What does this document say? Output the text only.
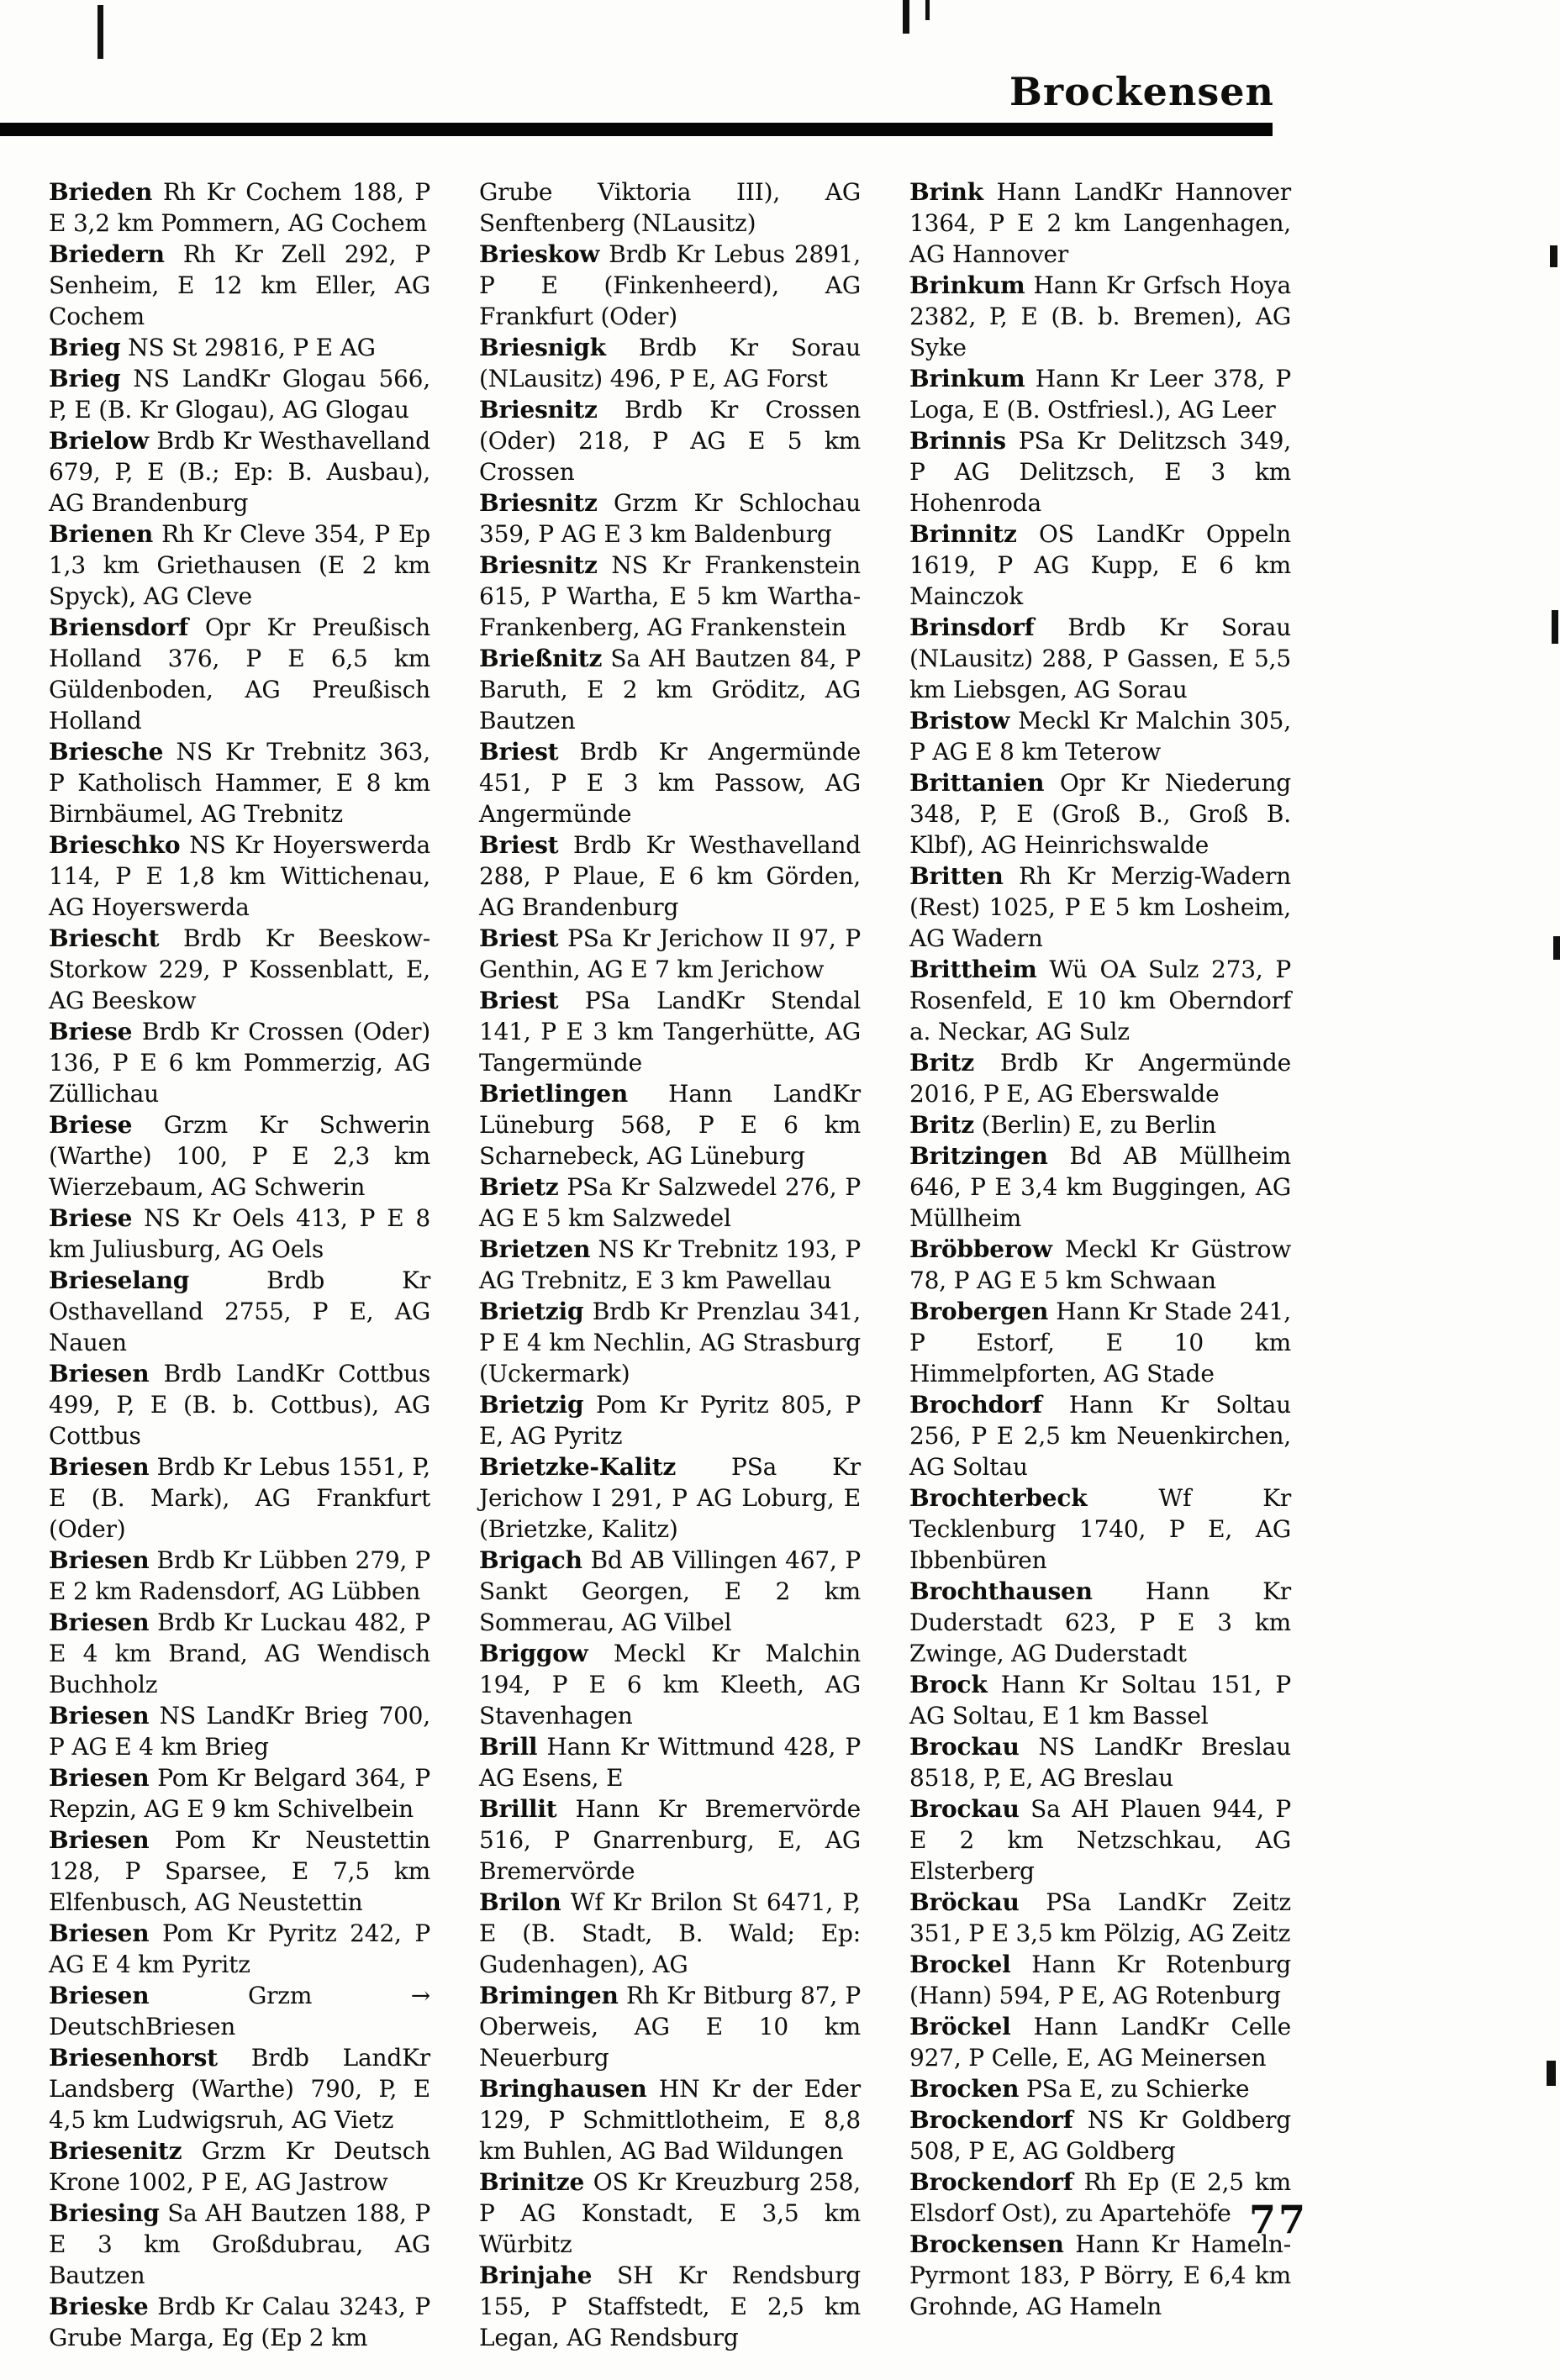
Brockensen

Brieden Rh Kr Cochem 188, P E 3,2 km Pommern, AG Cochem

Briedern Rh Kr Zell 292, P Senheim, E 12 km Eller, AG Cochem

Brieg NS St 29816, P E AG

Brieg NS LandKr Glogau 566, P, E (B. Kr Glogau), AG Glogau

Brielow Brdb Kr Westhavelland 679, P, E (B.; Ep: B. Ausbau), AG Brandenburg

Brienen Rh Kr Cleve 354, P Ep 1,3 km Griethausen (E 2 km Spyck), AG Cleve

Briensdorf Opr Kr Preußisch Holland 376, P E 6,5 km Güldenboden, AG Preußisch Holland

Briesche NS Kr Trebnitz 363, P Katholisch Hammer, E 8 km Birnbäumel, AG Trebnitz

Brieschko NS Kr Hoyerswerda 114, P E 1,8 km Wittichenau, AG Hoyerswerda

Briescht Brdb Kr Beeskow-Storkow 229, P Kossenblatt, E, AG Beeskow

Briese Brdb Kr Crossen (Oder) 136, P E 6 km Pommerzig, AG Züllichau

Briese Grzm Kr Schwerin (Warthe) 100, P E 2,3 km Wierzebaum, AG Schwerin

Briese NS Kr Oels 413, P E 8 km Juliusburg, AG Oels

Brieselang Brdb Kr Osthavelland 2755, P E, AG Nauen

Briesen Brdb LandKr Cottbus 499, P, E (B. b. Cottbus), AG Cottbus

Briesen Brdb Kr Lebus 1551, P, E (B. Mark), AG Frankfurt (Oder)

Briesen Brdb Kr Lübben 279, P E 2 km Radensdorf, AG Lübben

Briesen Brdb Kr Luckau 482, P E 4 km Brand, AG Wendisch Buchholz

Briesen NS LandKr Brieg 700, P AG E 4 km Brieg

Briesen Pom Kr Belgard 364, P Repzin, AG E 9 km Schivelbein

Briesen Pom Kr Neustettin 128, P Sparsee, E 7,5 km Elfenbusch, AG Neustettin

Briesen Pom Kr Pyritz 242, P AG E 4 km Pyritz

Briesen Grzm → DeutschBriesen

Briesenhorst Brdb LandKr Landsberg (Warthe) 790, P, E 4,5 km Ludwigsruh, AG Vietz

Briesenitz Grzm Kr Deutsch Krone 1002, P E, AG Jastrow

Briesing Sa AH Bautzen 188, P E 3 km Großdubrau, AG Bautzen

Brieske Brdb Kr Calau 3243, P Grube Marga, Eg (Ep 2 km

Grube Viktoria III), AG Senftenberg (NLausitz)

Brieskow Brdb Kr Lebus 2891, P E (Finkenheerd), AG Frankfurt (Oder)

Briesnigk Brdb Kr Sorau (NLausitz) 496, P E, AG Forst

Briesnitz Brdb Kr Crossen (Oder) 218, P AG E 5 km Crossen

Briesnitz Grzm Kr Schlochau 359, P AG E 3 km Baldenburg

Briesnitz NS Kr Frankenstein 615, P Wartha, E 5 km Wartha-Frankenberg, AG Frankenstein

Brießnitz Sa AH Bautzen 84, P Baruth, E 2 km Gröditz, AG Bautzen

Briest Brdb Kr Angermünde 451, P E 3 km Passow, AG Angermünde

Briest Brdb Kr Westhavelland 288, P Plaue, E 6 km Görden, AG Brandenburg

Briest PSa Kr Jerichow II 97, P Genthin, AG E 7 km Jerichow

Briest PSa LandKr Stendal 141, P E 3 km Tangerhütte, AG Tangermünde

Brietlingen Hann LandKr Lüneburg 568, P E 6 km Scharnebeck, AG Lüneburg

Brietz PSa Kr Salzwedel 276, P AG E 5 km Salzwedel

Brietzen NS Kr Trebnitz 193, P AG Trebnitz, E 3 km Pawellau

Brietzig Brdb Kr Prenzlau 341, P E 4 km Nechlin, AG Strasburg (Uckermark)

Brietzig Pom Kr Pyritz 805, P E, AG Pyritz

Brietzke-Kalitz PSa Kr Jerichow I 291, P AG Loburg, E (Brietzke, Kalitz)

Brigach Bd AB Villingen 467, P Sankt Georgen, E 2 km Sommerau, AG Vilbel

Briggow Meckl Kr Malchin 194, P E 6 km Kleeth, AG Stavenhagen

Brill Hann Kr Wittmund 428, P AG Esens, E

Brillit Hann Kr Bremervörde 516, P Gnarrenburg, E, AG Bremervörde

Brilon Wf Kr Brilon St 6471, P, E (B. Stadt, B. Wald; Ep: Gudenhagen), AG

Brimingen Rh Kr Bitburg 87, P Oberweis, AG E 10 km Neuerburg

Bringhausen HN Kr der Eder 129, P Schmittlotheim, E 8,8 km Buhlen, AG Bad Wildungen

Brinitze OS Kr Kreuzburg 258, P AG Konstadt, E 3,5 km Würbitz

Brinjahe SH Kr Rendsburg 155, P Staffstedt, E 2,5 km Legan, AG Rendsburg

Brink Hann LandKr Hannover 1364, P E 2 km Langenhagen, AG Hannover

Brinkum Hann Kr Grfsch Hoya 2382, P, E (B. b. Bremen), AG Syke

Brinkum Hann Kr Leer 378, P Loga, E (B. Ostfriesl.), AG Leer

Brinnis PSa Kr Delitzsch 349, P AG Delitzsch, E 3 km Hohenroda

Brinnitz OS LandKr Oppeln 1619, P AG Kupp, E 6 km Mainczok

Brinsdorf Brdb Kr Sorau (NLausitz) 288, P Gassen, E 5,5 km Liebsgen, AG Sorau

Bristow Meckl Kr Malchin 305, P AG E 8 km Teterow

Brittanien Opr Kr Niederung 348, P, E (Groß B., Groß B. Klbf), AG Heinrichswalde

Britten Rh Kr Merzig-Wadern (Rest) 1025, P E 5 km Losheim, AG Wadern

Brittheim Wü OA Sulz 273, P Rosenfeld, E 10 km Oberndorf a. Neckar, AG Sulz

Britz Brdb Kr Angermünde 2016, P E, AG Eberswalde

Britz (Berlin) E, zu Berlin

Britzingen Bd AB Müllheim 646, P E 3,4 km Buggingen, AG Müllheim

Bröbberow Meckl Kr Güstrow 78, P AG E 5 km Schwaan

Brobergen Hann Kr Stade 241, P Estorf, E 10 km Himmelpforten, AG Stade

Brochdorf Hann Kr Soltau 256, P E 2,5 km Neuenkirchen, AG Soltau

Brochterbeck Wf Kr Tecklenburg 1740, P E, AG Ibbenbüren

Brochthausen Hann Kr Duderstadt 623, P E 3 km Zwinge, AG Duderstadt

Brock Hann Kr Soltau 151, P AG Soltau, E 1 km Bassel

Brockau NS LandKr Breslau 8518, P, E, AG Breslau

Brockau Sa AH Plauen 944, P E 2 km Netzschkau, AG Elsterberg

Bröckau PSa LandKr Zeitz 351, P E 3,5 km Pölzig, AG Zeitz

Brockel Hann Kr Rotenburg (Hann) 594, P E, AG Rotenburg

Bröckel Hann LandKr Celle 927, P Celle, E, AG Meinersen

Brocken PSa E, zu Schierke

Brockendorf NS Kr Goldberg 508, P E, AG Goldberg

Brockendorf Rh Ep (E 2,5 km Elsdorf Ost), zu Apartehöfe

Brockensen Hann Kr Hameln-Pyrmont 183, P Börry, E 6,4 km Grohnde, AG Hameln

77
